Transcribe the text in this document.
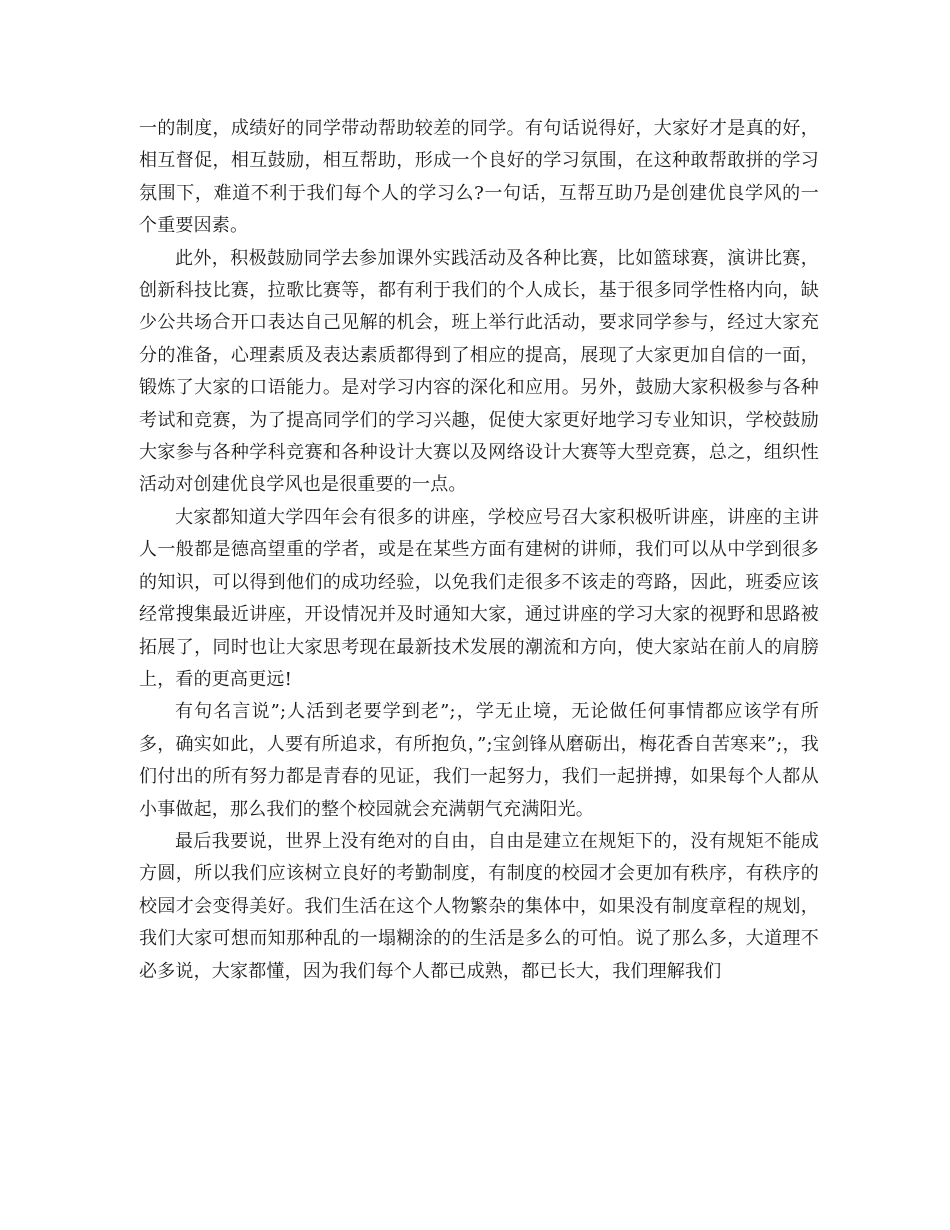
一的制度，成绩好的同学带动帮助较差的同学。有句话说得好，大家好才是真的好，相互督促，相互鼓励，相互帮助，形成一个良好的学习氛围，在这种敢帮敢拼的学习氛围下，难道不利于我们每个人的学习么?一句话，互帮互助乃是创建优良学风的一个重要因素。

此外，积极鼓励同学去参加课外实践活动及各种比赛，比如篮球赛，演讲比赛，创新科技比赛，拉歌比赛等，都有利于我们的个人成长，基于很多同学性格内向，缺少公共场合开口表达自己见解的机会，班上举行此活动，要求同学参与，经过大家充分的准备，心理素质及表达素质都得到了相应的提高，展现了大家更加自信的一面，锻炼了大家的口语能力。是对学习内容的深化和应用。另外，鼓励大家积极参与各种考试和竞赛，为了提高同学们的学习兴趣，促使大家更好地学习专业知识，学校鼓励大家参与各种学科竞赛和各种设计大赛以及网络设计大赛等大型竞赛，总之，组织性活动对创建优良学风也是很重要的一点。

大家都知道大学四年会有很多的讲座，学校应号召大家积极听讲座，讲座的主讲人一般都是德高望重的学者，或是在某些方面有建树的讲师，我们可以从中学到很多的知识，可以得到他们的成功经验，以免我们走很多不该走的弯路，因此，班委应该经常搜集最近讲座，开设情况并及时通知大家，通过讲座的学习大家的视野和思路被拓展了，同时也让大家思考现在最新技术发展的潮流和方向，使大家站在前人的肩膀上，看的更高更远!

有句名言说”;人活到老要学到老”;，学无止境，无论做任何事情都应该学有所多，确实如此，人要有所追求，有所抱负，”;宝剑锋从磨砺出，梅花香自苦寒来”;，我们付出的所有努力都是青春的见证，我们一起努力，我们一起拼搏，如果每个人都从小事做起，那么我们的整个校园就会充满朝气充满阳光。

最后我要说，世界上没有绝对的自由，自由是建立在规矩下的，没有规矩不能成方圆，所以我们应该树立良好的考勤制度，有制度的校园才会更加有秩序，有秩序的校园才会变得美好。我们生活在这个人物繁杂的集体中，如果没有制度章程的规划，我们大家可想而知那种乱的一塌糊涂的的生活是多么的可怕。说了那么多，大道理不必多说，大家都懂，因为我们每个人都已成熟，都已长大，我们理解我们
